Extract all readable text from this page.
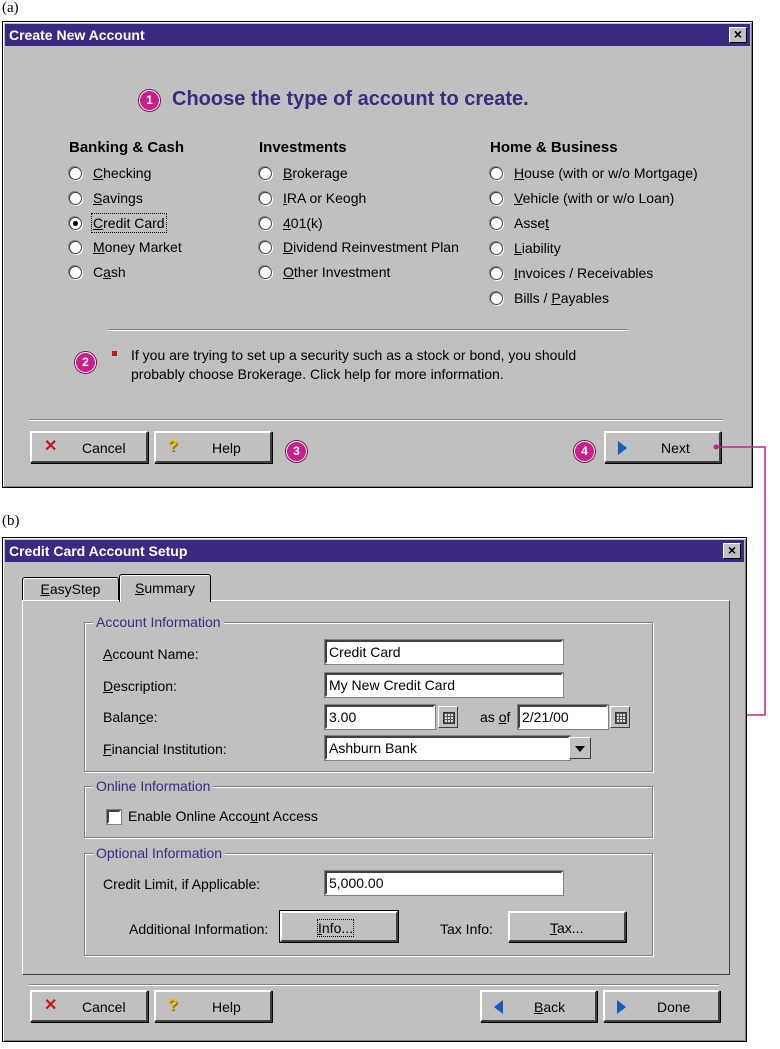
(a)
(b)
Create New Account	×
1 Choose the type of account to create.
Banking & Cash
Checking
Savings
Credit Card
Money Market
Cash
Investments
Brokerage
IRA or Keogh
401(k)
Dividend Reinvestment Plan
Other Investment
Home & Business
House (with or w/o Mortgage)
Vehicle (with or w/o Loan)
Asset
Liability
Invoices / Receivables
Bills / Payables
2	If you are trying to set up a security such as a stock or bond, you should
probably choose Brokerage. Click help for more information.
✕ Cancel	? Help	3	4	Next
Credit Card Account Setup	×
EasyStep	Summary
Account Information
Account Name:	Credit Card
Description:	My New Credit Card
Balance:	3.00	as of 2/21/00
Financial Institution:	Ashburn Bank
Online Information
Enable Online Account Access
Optional Information
Credit Limit, if Applicable:	5,000.00
Additional Information:	Info...	Tax Info:	Tax...
✕ Cancel	? Help	Back	Done
